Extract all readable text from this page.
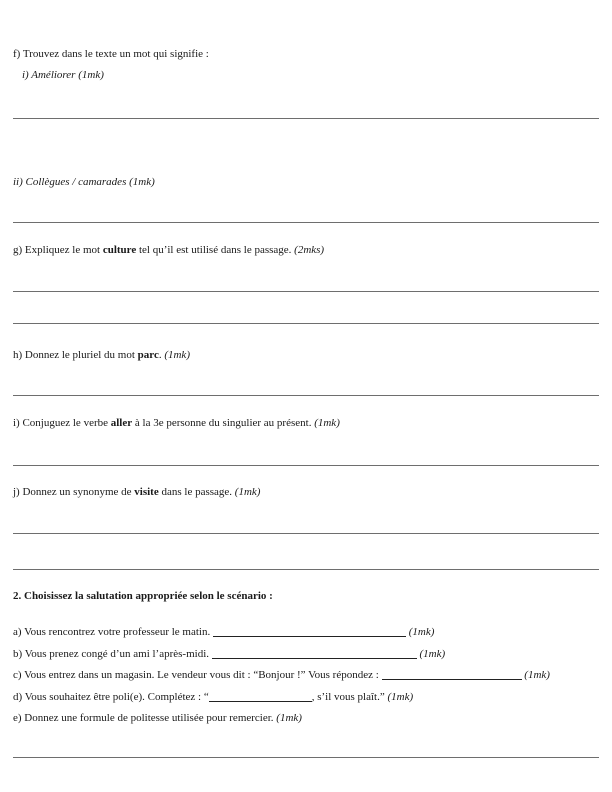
f) Trouvez dans le texte un mot qui signifie :
i) Améliorer (1mk)
ii) Collègues / camarades (1mk)
g) Expliquez le mot culture tel qu’il est utilisé dans le passage. (2mks)
h) Donnez le pluriel du mot parc. (1mk)
i) Conjuguez le verbe aller à la 3e personne du singulier au présent. (1mk)
j) Donnez un synonyme de visite dans le passage. (1mk)
2. Choisissez la salutation appropriée selon le scénario :
a) Vous rencontrez votre professeur le matin.	(1mk)
b) Vous prenez congé d’un ami l’après-midi.	(1mk)
c) Vous entrez dans un magasin. Le vendeur vous dit : “Bonjour !” Vous répondez :	(1mk)
d) Vous souhaitez être poli(e). Complétez : “	, s’il vous plaît.” (1mk)
e) Donnez une formule de politesse utilisée pour remercier. (1mk)
